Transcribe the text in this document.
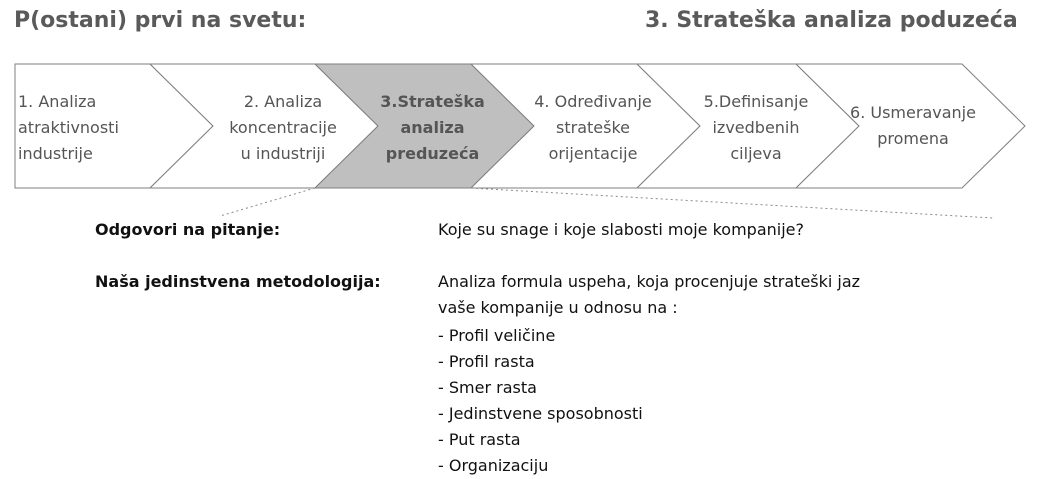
P(ostani) prvi na svetu:	3. Strateška analiza poduzeća
1. Analiza
atraktivnosti
industrije
2. Analiza
koncentracije
u industriji
3.Strateška
analiza
preduzeća
4. Određivanje
strateške
orijentacije
5.Definisanje
izvedbenih
ciljeva
6. Usmeravanje
promena
Odgovori na pitanje:	Koje su snage i koje slabosti moje kompanije?
Naša jedinstvena metodologija:	Analiza formula uspeha, koja procenjuje strateški jaz
vaše kompanije u odnosu na :
- Profil veličine
- Profil rasta
- Smer rasta
- Jedinstvene sposobnosti
- Put rasta
- Organizaciju
